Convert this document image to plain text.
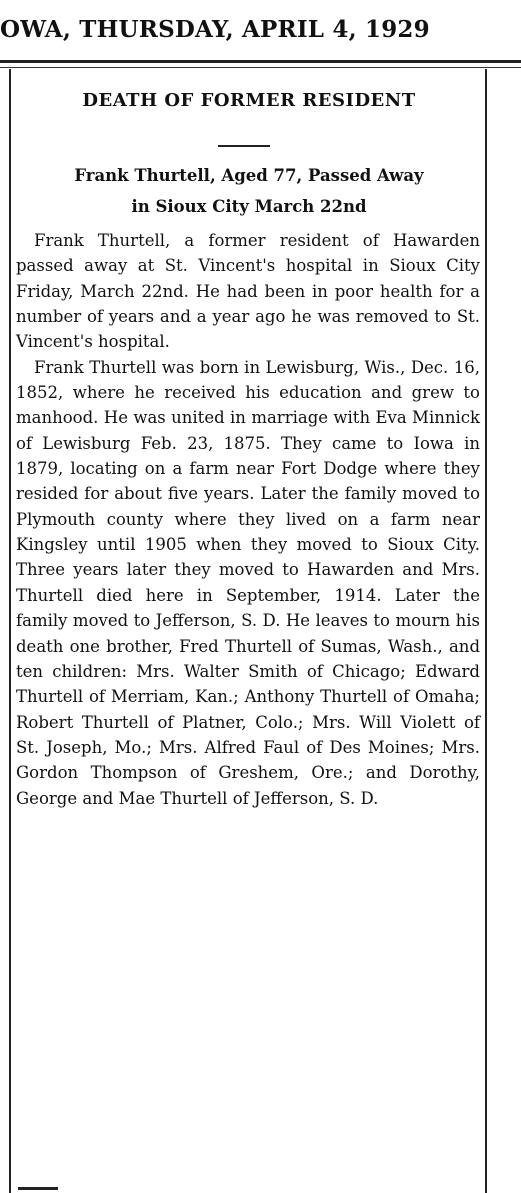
OWA, THURSDAY, APRIL 4, 1929
DEATH OF FORMER RESIDENT
Frank Thurtell, Aged 77, Passed Away
in Sioux City March 22nd

Frank Thurtell, a former resident of Hawarden passed away at St. Vincent's hospital in Sioux City Friday, March 22nd. He had been in poor health for a number of years and a year ago he was removed to St. Vincent's hospital.

Frank Thurtell was born in Lewisburg, Wis., Dec. 16, 1852, where he received his education and grew to manhood. He was united in marriage with Eva Minnick of Lewisburg Feb. 23, 1875. They came to Iowa in 1879, locating on a farm near Fort Dodge where they resided for about five years. Later the family moved to Plymouth county where they lived on a farm near Kingsley until 1905 when they moved to Sioux City. Three years later they moved to Hawarden and Mrs. Thurtell died here in September, 1914. Later the family moved to Jefferson, S. D. He leaves to mourn his death one brother, Fred Thurtell of Sumas, Wash., and ten children: Mrs. Walter Smith of Chicago; Edward Thurtell of Merriam, Kan.; Anthony Thurtell of Omaha; Robert Thurtell of Platner, Colo.; Mrs. Will Violett of St. Joseph, Mo.; Mrs. Alfred Faul of Des Moines; Mrs. Gordon Thompson of Greshem, Ore.; and Dorothy, George and Mae Thurtell of Jefferson, S. D.
